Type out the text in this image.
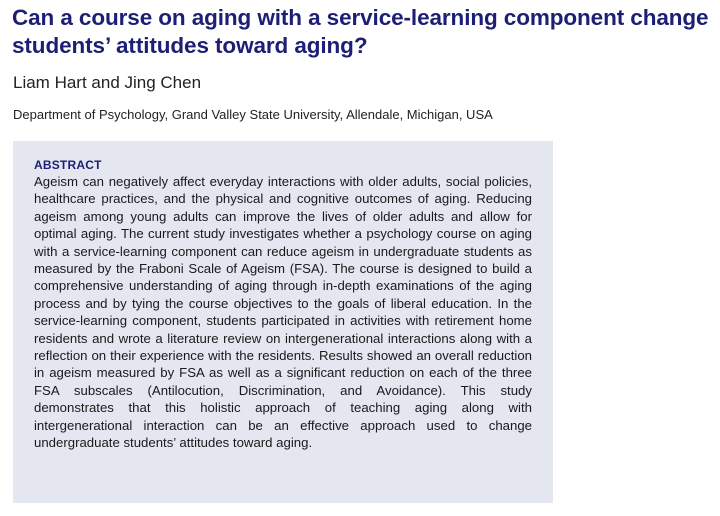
Can a course on aging with a service-learning component change students’ attitudes toward aging?

Liam Hart and Jing Chen

Department of Psychology, Grand Valley State University, Allendale, Michigan, USA

ABSTRACT

Ageism can negatively affect everyday interactions with older adults, social policies, healthcare practices, and the physical and cognitive outcomes of aging. Reducing ageism among young adults can improve the lives of older adults and allow for optimal aging. The current study investigates whether a psychology course on aging with a service-learning component can reduce ageism in undergraduate students as measured by the Fraboni Scale of Ageism (FSA). The course is designed to build a comprehensive understanding of aging through in-depth examinations of the aging process and by tying the course objectives to the goals of liberal education. In the service-learning component, students participated in activities with retirement home residents and wrote a literature review on intergenerational interactions along with a reflection on their experience with the residents. Results showed an overall reduction in ageism measured by FSA as well as a significant reduction on each of the three FSA subscales (Antilocution, Discrimination, and Avoidance). This study demonstrates that this holistic approach of teaching aging along with intergenerational interaction can be an effective approach used to change undergraduate students’ attitudes toward aging.
